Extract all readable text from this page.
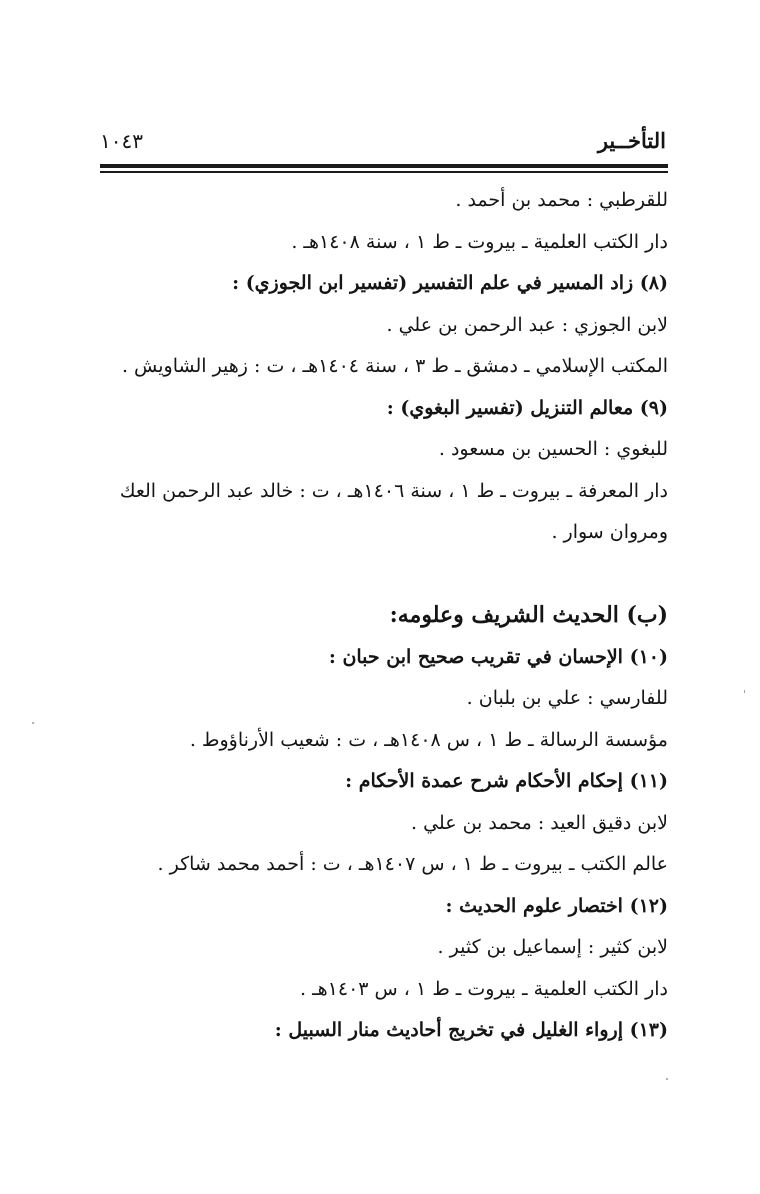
التأخــير
١٠٤٣
للقرطبي : محمد بن أحمد .
دار الكتب العلمية ـ بيروت ـ ط ١ ، سنة ١٤٠٨هـ .
(٨) زاد المسير في علم التفسير (تفسير ابن الجوزي) :
لابن الجوزي : عبد الرحمن بن علي .
المكتب الإسلامي ـ دمشق ـ ط ٣ ، سنة ١٤٠٤هـ ، ت : زهير الشاويش .
(٩) معالم التنزيل (تفسير البغوي) :
للبغوي : الحسين بن مسعود .
دار المعرفة ـ بيروت ـ ط ١ ، سنة ١٤٠٦هـ ، ت : خالد عبد الرحمن العك
ومروان سوار .
(ب) الحديث الشريف وعلومه:
(١٠) الإحسان في تقريب صحيح ابن حبان :
للفارسي : علي بن بلبان .
مؤسسة الرسالة ـ ط ١ ، س ١٤٠٨هـ ، ت : شعيب الأرناؤوط .
(١١) إحكام الأحكام شرح عمدة الأحكام :
لابن دقيق العيد : محمد بن علي .
عالم الكتب ـ بيروت ـ ط ١ ، س ١٤٠٧هـ ، ت : أحمد محمد شاكر .
(١٢) اختصار علوم الحديث :
لابن كثير : إسماعيل بن كثير .
دار الكتب العلمية ـ بيروت ـ ط ١ ، س ١٤٠٣هـ .
(١٣) إرواء الغليل في تخريج أحاديث منار السبيل :
